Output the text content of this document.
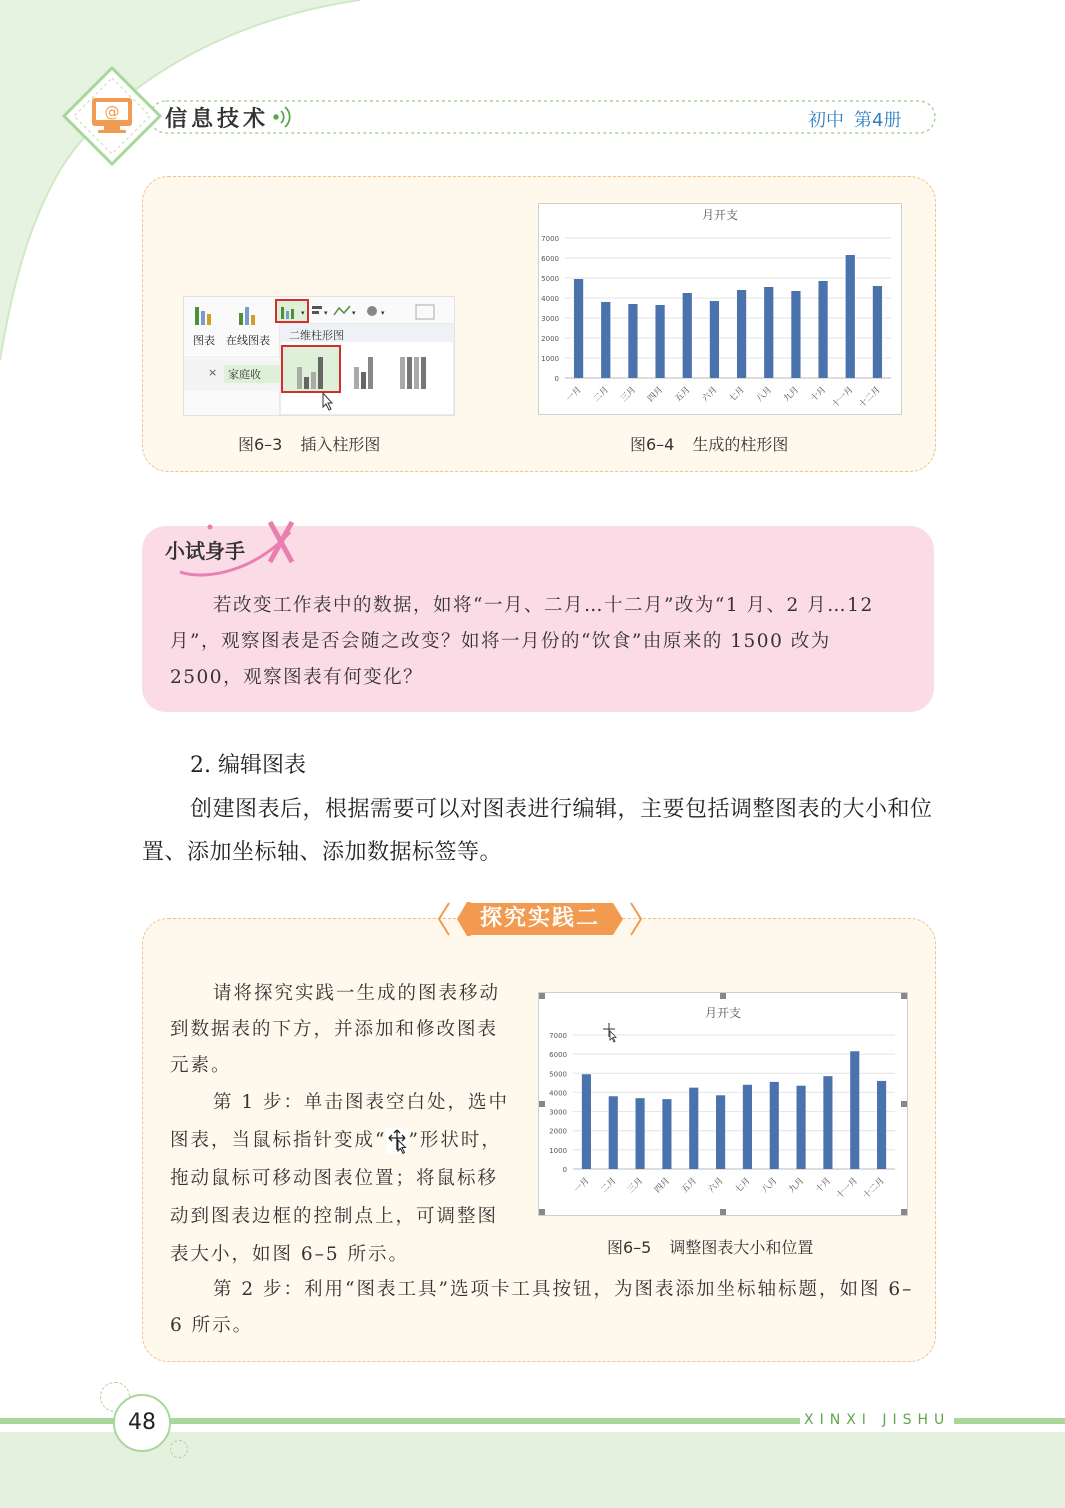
@ 信息技术	初中 第4册
▾	▾	▾	▾
图表 在线图表 二维柱形图
× 家庭收
月开支
0
1000
2000
3000
4000
5000
6000
7000
一月 二月 三月 四月 五月 六月 七月 八月 九月 十月 十一月 十二月
图6–3 插入柱形图	图6–4 生成的柱形图
小试身手
若改变工作表中的数据，如将“一月、二月…十二月”改为“1 月、2 月…12 月”，观察图表是否会随之改变？如将一月份的“饮食”由原来的 1500 改为 2500，观察图表有何变化？
2. 编辑图表
创建图表后，根据需要可以对图表进行编辑，主要包括调整图表的大小和位置、添加坐标轴、添加数据标签等。
探究实践二
请将探究实践一生成的图表移动到数据表的下方，并添加和修改图表元素。
第 1 步：单击图表空白处，选中图表，当鼠标指针变成“ ”形状时，拖动鼠标可移动图表位置；将鼠标移动到图表边框的控制点上，可调整图表大小，如图 6–5 所示。
第 2 步：利用“图表工具”选项卡工具按钮，为图表添加坐标轴标题，如图 6–6 所示。
月开支
0
1000
2000
3000
4000
5000
6000
7000
一月 二月 三月 四月 五月 六月 七月 八月 九月 十月 十一月 十二月
图6–5 调整图表大小和位置
48	XINXI JISHU
